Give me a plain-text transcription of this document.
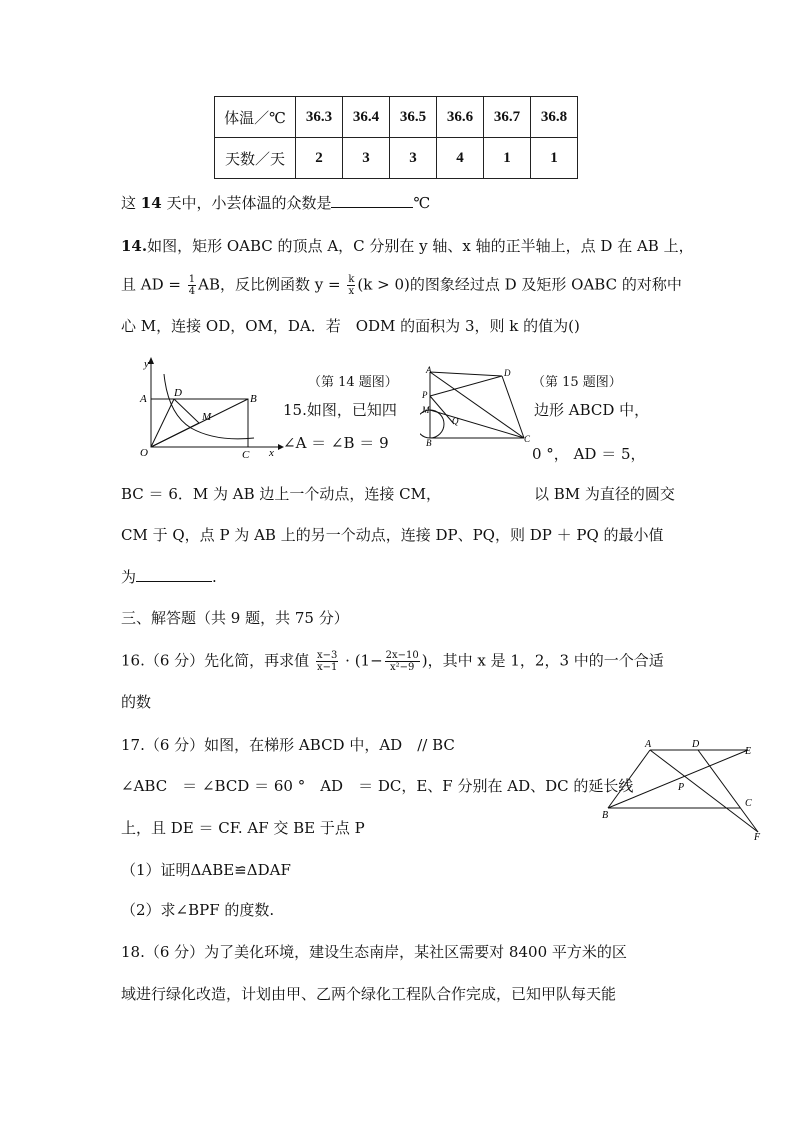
体温／℃	36.3	36.4	36.5	36.6	36.7	36.8
天数／天	2	3	3	4	1	1
这 14 天中，小芸体温的众数是	℃
14.如图，矩形 OABC 的顶点 A，C 分别在 y 轴、x 轴的正半轴上，点 D 在 AB 上，
且 AD = $\frac{1}{4}$ AB，反比例函数 $y = \frac{k}{x} (k > 0)$的图象经过点 D 及矩形 OABC 的对称中
心 M，连接 OD，OM，DA．若　ODM 的面积为 3，则 k 的值为()
y
A D	B
M
O	C x
（第 14 题图）
A	D
P
M
Q
B	C
（第 15 题图）
15.如图，已知四	边形 ABCD 中，
∠A ＝ ∠B ＝ 9
0 °， AD ＝ 5，
BC ＝ 6．M 为 AB 边上一个动点，连接 CM，	以 BM 为直径的圆交
CM 于 Q，点 P 为 AB 上的另一个动点，连接 DP、PQ，则 DP ＋ PQ 的最小值
为	.
三、解答题（共 9 题，共 75 分）
16.（6 分）先化简，再求值 $\frac{x-3}{x-1} \cdot (1- \frac{2x-10}{\text{x²−9}}$ )，其中 x 是 1，2，3 中的一个合适
的数
17.（6 分）如图，在梯形 ABCD 中，AD　// BC
∠ABC　＝ ∠BCD ＝ 60 °　AD　＝ DC，E、F 分别在 AD、DC 的延长线
上，且 DE ＝ CF. AF 交 BE 于点 P
（1）证明ΔABE≌ΔDAF
（2）求∠BPF 的度数.
A	D
E
P
C
B
F
18.（6 分）为了美化环境，建设生态南岸，某社区需要对 8400 平方米的区
域进行绿化改造，计划由甲、乙两个绿化工程队合作完成，已知甲队每天能
